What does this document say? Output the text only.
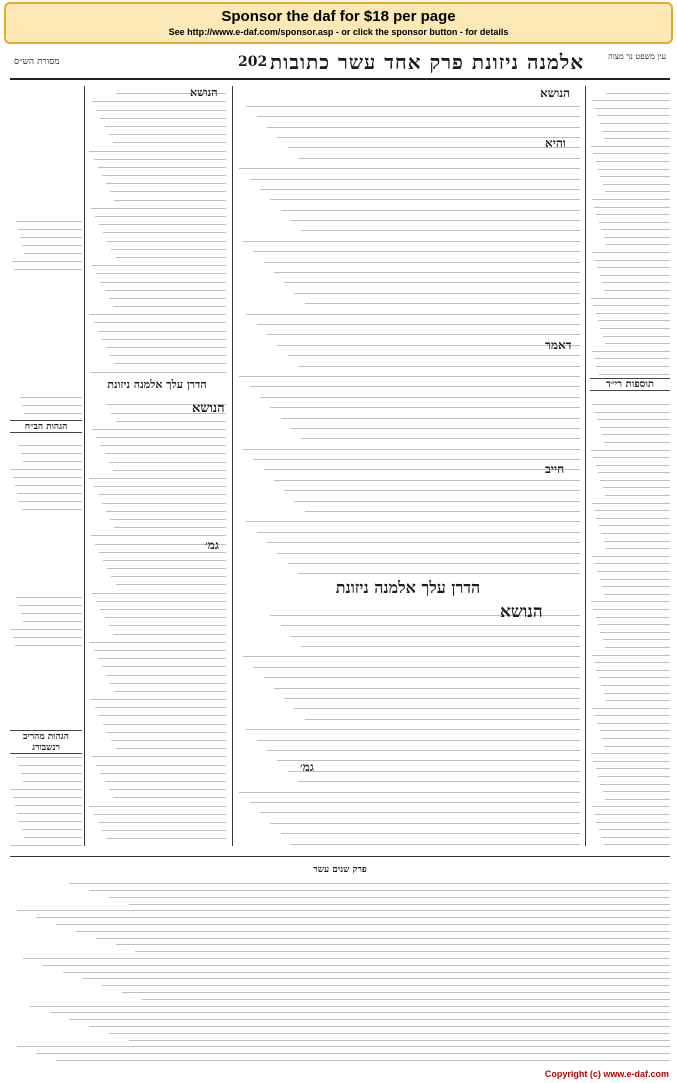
Sponsor the daf for $18 per page
See http://www.e-daf.com/sponsor.asp - or click the sponsor button - for details
מסורת הש״ס	202 אלמנה ניזונת פרק אחד עשר כתובות	עין משפט נר מצוה
הגהות הב״ח
הגהות מהריב רנשבורג
הנושא
הדרן עלך אלמנה ניזונת
הנושא
גמ׳
הנושא
והיא
דאמר
חייב
הדרן עלך אלמנה ניזונת
הנושא
גמ׳
תוספות רי״ד
פרק שנים עשר
Copyright (c) www.e-daf.com
